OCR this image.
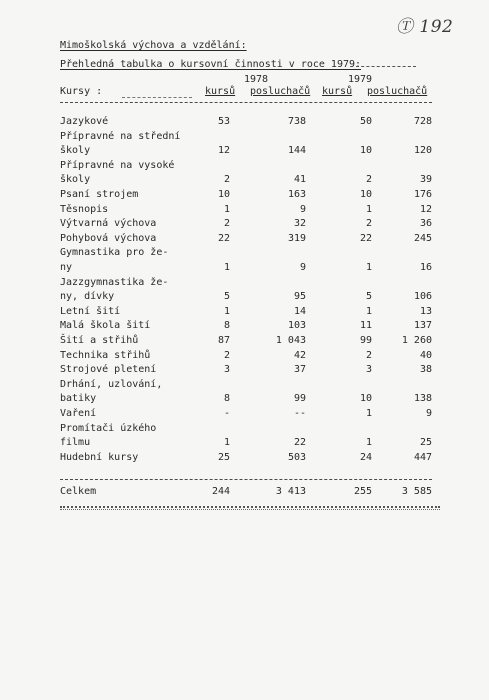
Ⓣ 192
Mimoškolská výchova a vzdělání:
Přehledná tabulka o kursovní činnosti v roce 1979:
1978	1979
Kursy :	kursů posluchačů kursů posluchačů
Jazykové	53	738	50	728
Přípravné na střední
školy	12	144	10	120
Přípravné na vysoké
školy	2	41	2	39
Psaní strojem	10	163	10	176
Těsnopis	1	9	1	12
Výtvarná výchova	2	32	2	36
Pohybová výchova	22	319	22	245
Gymnastika pro že-
ny	1	9	1	16
Jazzgymnastika že-
ny, dívky	5	95	5	106
Letní šití	1	14	1	13
Malá škola šití	8	103	11	137
Šití a střihů	87	1 043	99	1 260
Technika střihů	2	42	2	40
Strojové pletení	3	37	3	38
Drhání, uzlování,
batiky	8	99	10	138
Vaření	-	--	1	9
Promítači úzkého
filmu	1	22	1	25
Hudební kursy	25	503	24	447
Celkem	244	3 413	255	3 585
